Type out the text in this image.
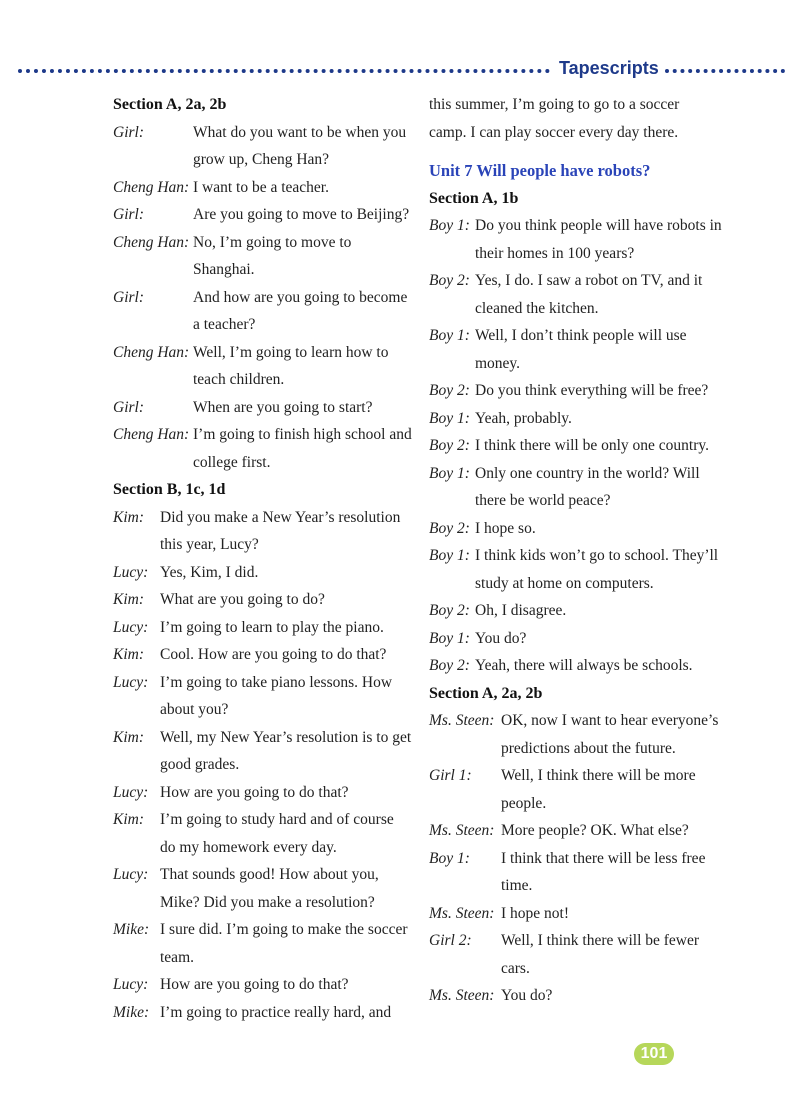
Tapescripts
Section A, 2a, 2b
Girl:	What do you want to be when you grow up, Cheng Han?
Cheng Han: I want to be a teacher.
Girl:	Are you going to move to Beijing?
Cheng Han: No, I’m going to move to Shanghai.
Girl:	And how are you going to become a teacher?
Cheng Han: Well, I’m going to learn how to teach children.
Girl:	When are you going to start?
Cheng Han: I’m going to finish high school and college first.
Section B, 1c, 1d
Kim:	Did you make a New Year’s resolution this year, Lucy?
Lucy: Yes, Kim, I did.
Kim:	What are you going to do?
Lucy: I’m going to learn to play the piano.
Kim:	Cool. How are you going to do that?
Lucy: I’m going to take piano lessons. How about you?
Kim:	Well, my New Year’s resolution is to get good grades.
Lucy: How are you going to do that?
Kim:	I’m going to study hard and of course do my homework every day.
Lucy: That sounds good! How about you, Mike? Did you make a resolution?
Mike: I sure did. I’m going to make the soccer team.
Lucy: How are you going to do that?
Mike: I’m going to practice really hard, and
this summer, I’m going to go to a soccer
camp. I can play soccer every day there.
Unit 7 Will people have robots?
Section A, 1b
Boy 1: Do you think people will have robots in their homes in 100 years?
Boy 2: Yes, I do. I saw a robot on TV, and it cleaned the kitchen.
Boy 1: Well, I don’t think people will use money.
Boy 2: Do you think everything will be free?
Boy 1: Yeah, probably.
Boy 2: I think there will be only one country.
Boy 1: Only one country in the world? Will there be world peace?
Boy 2: I hope so.
Boy 1: I think kids won’t go to school. They’ll study at home on computers.
Boy 2: Oh, I disagree.
Boy 1: You do?
Boy 2: Yeah, there will always be schools.
Section A, 2a, 2b
Ms. Steen: OK, now I want to hear everyone’s predictions about the future.
Girl 1:	Well, I think there will be more people.
Ms. Steen: More people? OK. What else?
Boy 1:	I think that there will be less free time.
Ms. Steen: I hope not!
Girl 2:	Well, I think there will be fewer cars.
Ms. Steen: You do?
101
